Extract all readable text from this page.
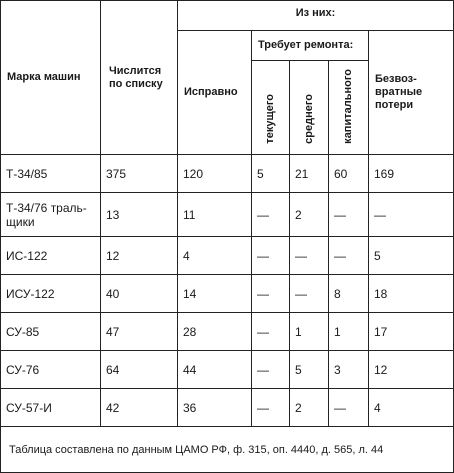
Марка машин	Числится по списку	Из них:				
		Исправно	Требует ремонта:			Безвоз-вратные потери
			текущего	среднего	капитального	
Т-34/85	375	120	5	21	60	169
Т-34/76 траль-щики	13	11	—	2	—	—
ИС-122	12	4	—	—	—	5
ИСУ-122	40	14	—	—	8	18
СУ-85	47	28	—	1	1	17
СУ-76	64	44	—	5	3	12
СУ-57-И	42	36	—	2	—	4
Таблица составлена по данным ЦАМО РФ, ф. 315, оп. 4440, д. 565, л. 44						
